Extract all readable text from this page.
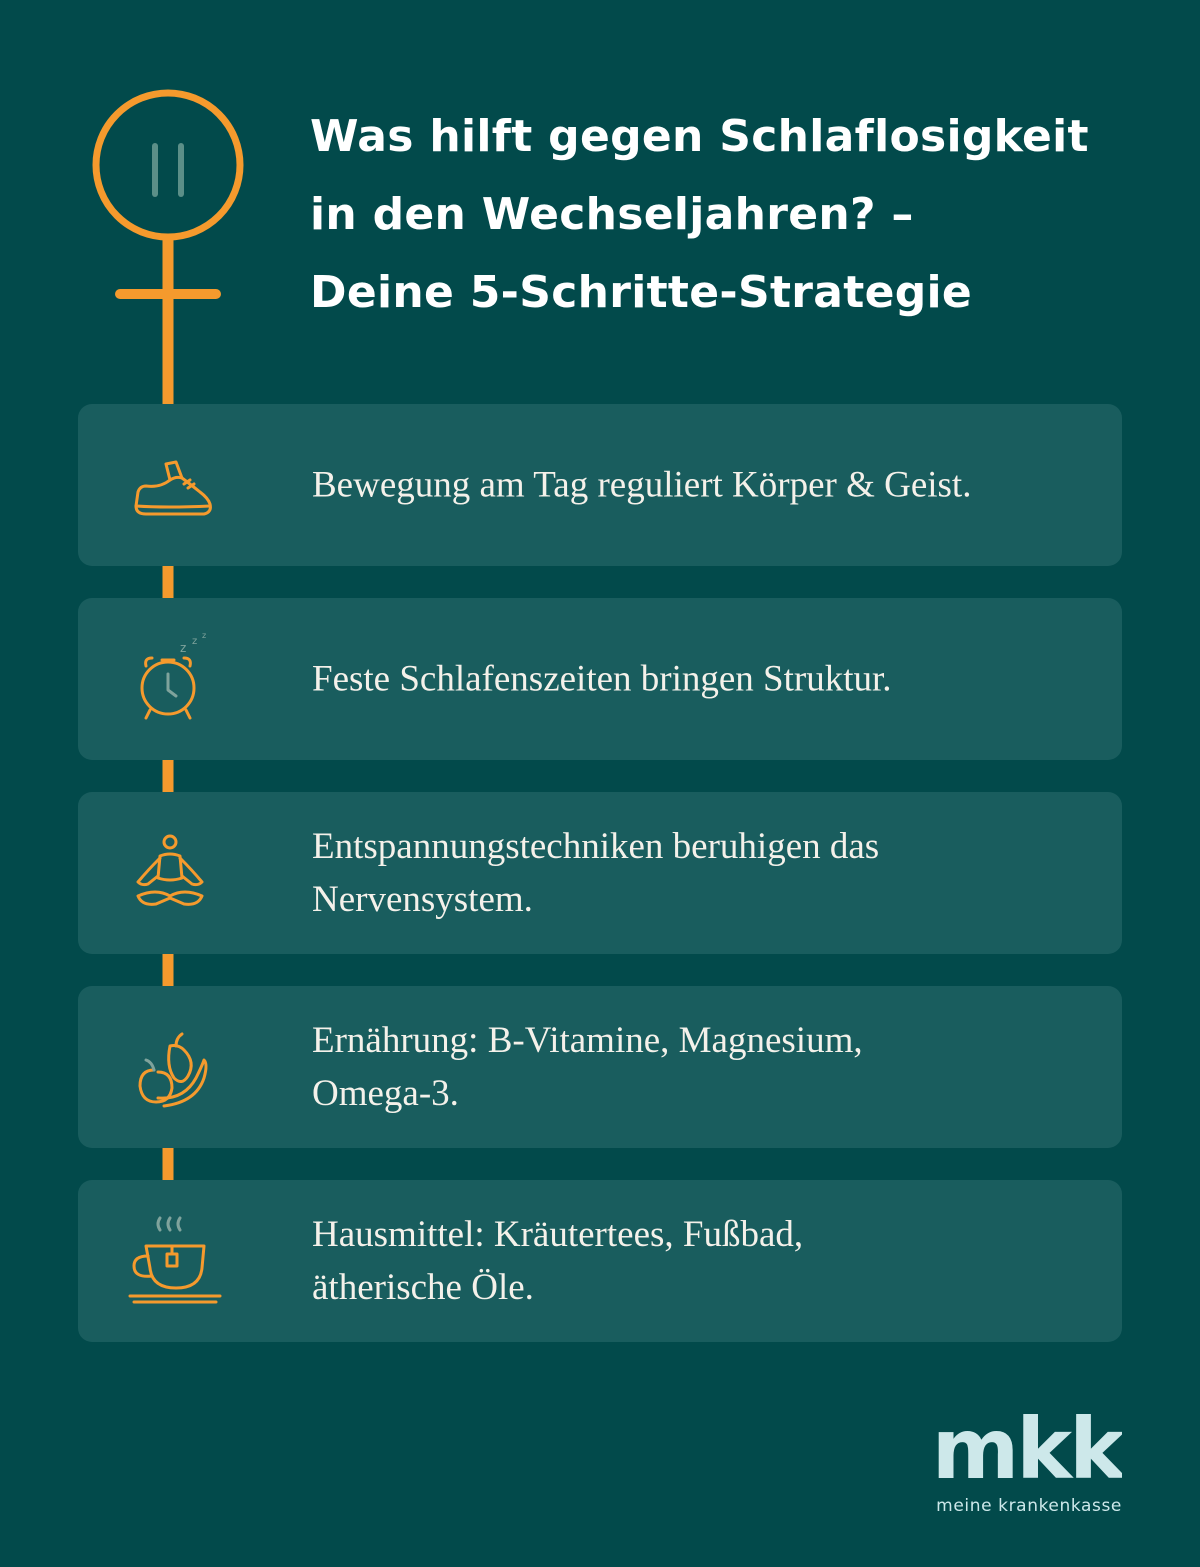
Was hilft gegen Schlaflosigkeit
in den Wechseljahren? –
Deine 5-Schritte-Strategie

Bewegung am Tag reguliert Körper & Geist.

z z
z

Feste Schlafenszeiten bringen Struktur.

Entspannungstechniken beruhigen das
Nervensystem.

Ernährung: B-Vitamine, Magnesium,
Omega-3.

Hausmittel: Kräutertees, Fußbad,
ätherische Öle.

mkk
meine krankenkasse
